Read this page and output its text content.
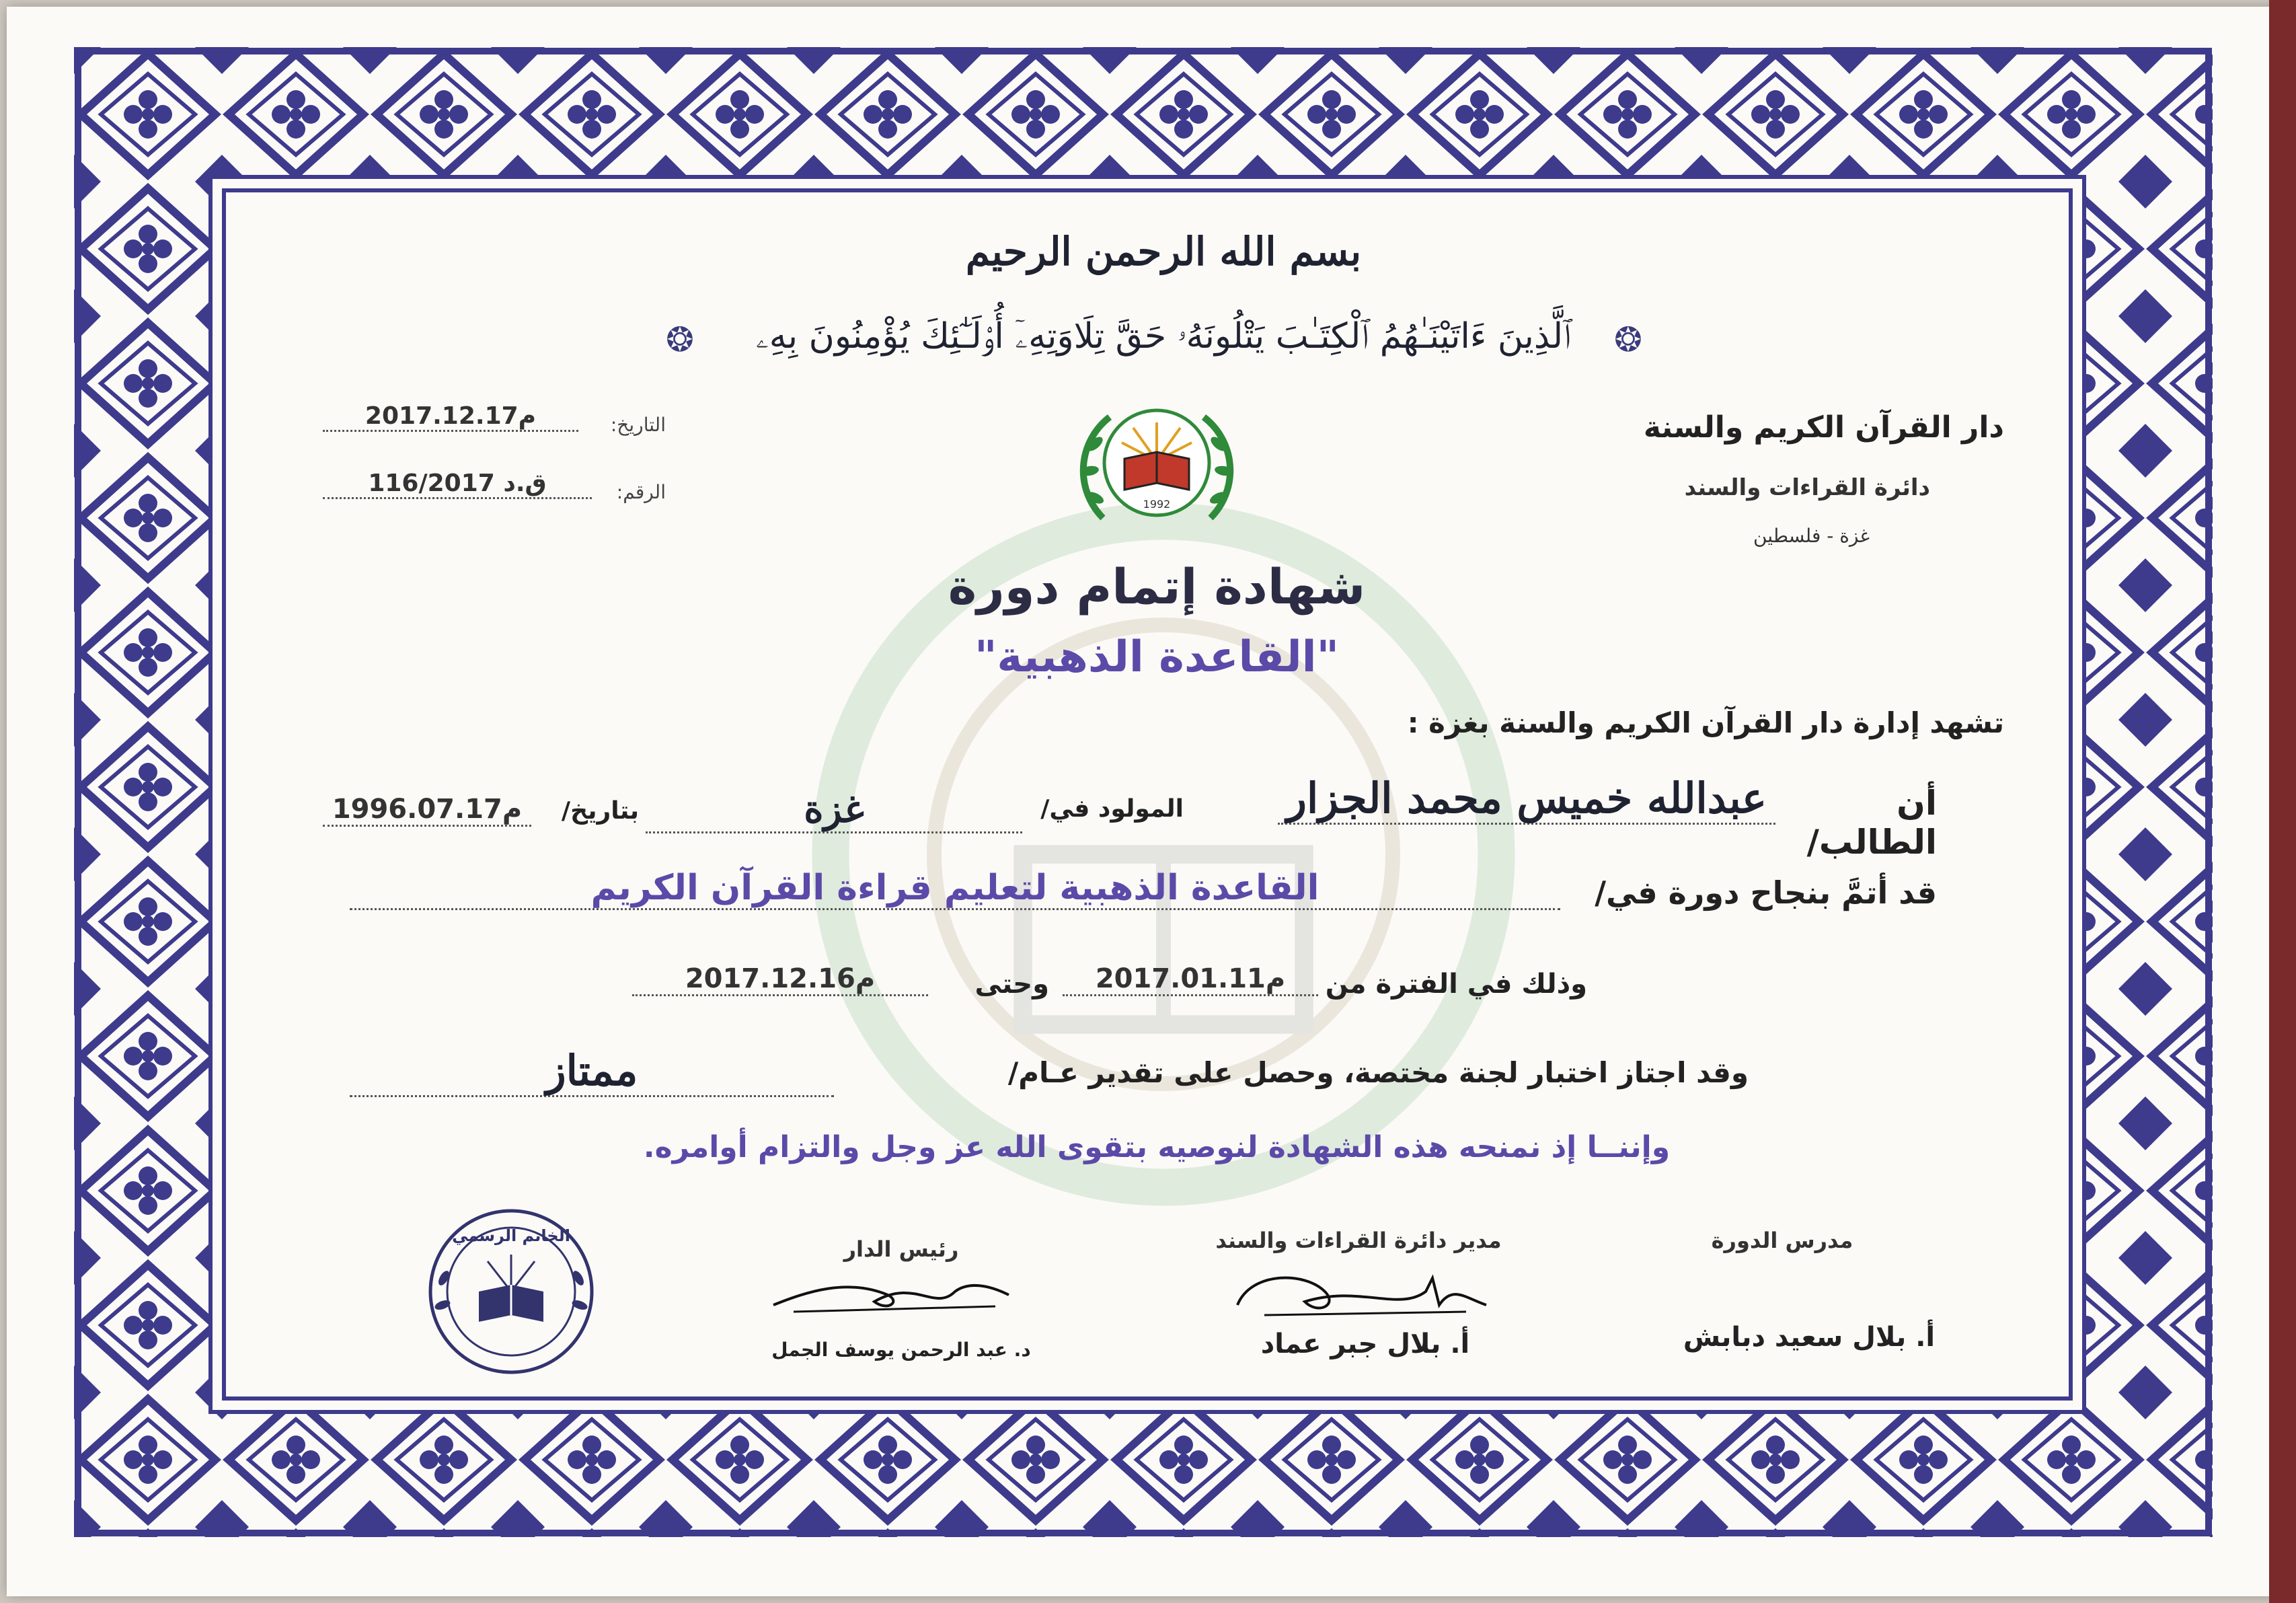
بسم الله الرحمن الرحيم
ٱلَّذِينَ ءَاتَيْنَـٰهُمُ ٱلْكِتَـٰبَ يَتْلُونَهُۥ حَقَّ تِلَاوَتِهِۦٓ أُو۟لَـٰٓئِكَ يُؤْمِنُونَ بِهِۦ
❂	❂
دار القرآن الكريم والسنة
دائرة القراءات والسند
غزة - فلسطين
التاريخ:
2017.12.17م
الرقم:
ق.د 116/2017
1992
شهادة إتمام دورة
"القاعدة الذهبية"
تشهد إدارة دار القرآن الكريم والسنة بغزة :
أن الطالب/
عبدالله خميس محمد الجزار
المولود في/
غزة
بتاريخ/
1996.07.17م
قد أتمَّ بنجاح دورة في/
القاعدة الذهبية لتعليم قراءة القرآن الكريم
وذلك في الفترة من
2017.01.11م
وحتى
2017.12.16م
وقد اجتاز اختبار لجنة مختصة، وحصل على تقدير عـام/
ممتاز
وإننــا إذ نمنحه هذه الشهادة لنوصيه بتقوى الله عز وجل والتزام أوامره.
مدرس الدورة
أ. بلال سعيد دبابش
مدير دائرة القراءات والسند
أ. بلال جبر عماد
رئيس الدار
د. عبد الرحمن يوسف الجمل
الخاتم الرسمي
